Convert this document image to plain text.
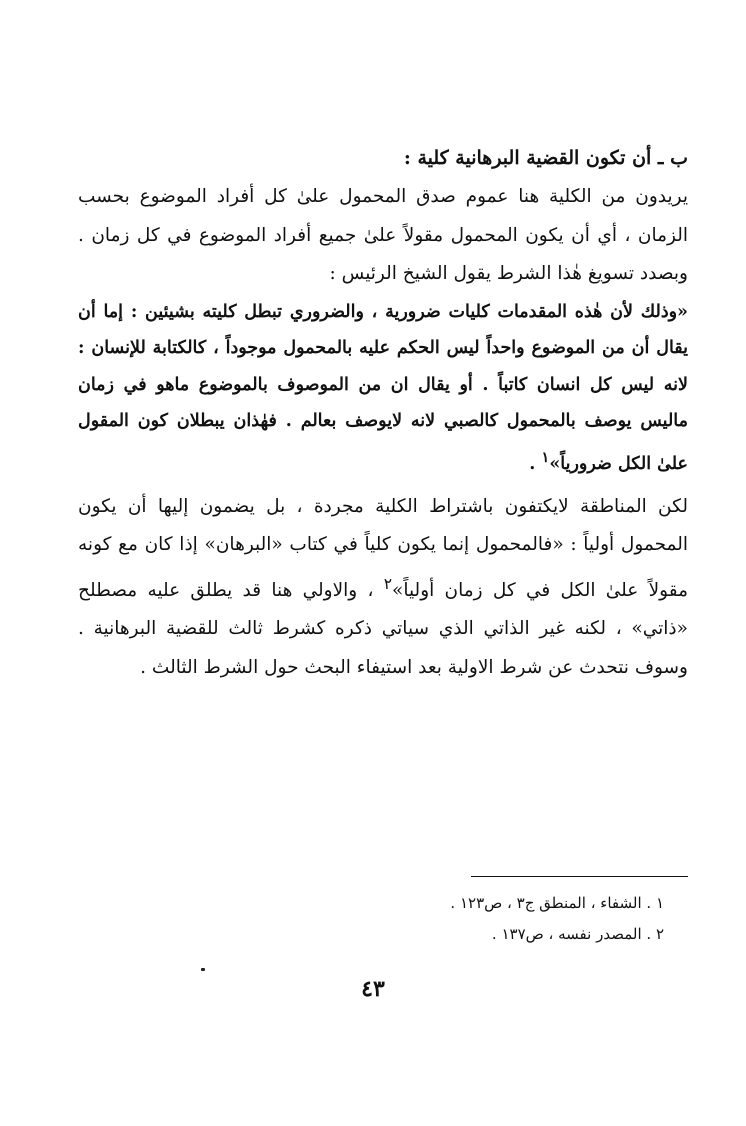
ب ـ أن تكون القضية البرهانية كلية :

يريدون من الكلية هنا عموم صدق المحمول علىٰ كل أفراد الموضوع بحسب الزمان ، أي أن يكون المحمول مقولاً علىٰ جميع أفراد الموضوع في كل زمان . وبصدد تسويغ هٰذا الشرط يقول الشيخ الرئيس :

«وذلك لأن هٰذه المقدمات كليات ضرورية ، والضروري تبطل كليته بشيئين : إما أن يقال أن من الموضوع واحداً ليس الحكم عليه بالمحمول موجوداً ، كالكتابة للإنسان : لانه ليس كل انسان كاتباً . أو يقال ان من الموصوف بالموضوع ماهو في زمان ماليس يوصف بالمحمول كالصبي لانه لايوصف بعالم . فهٰذان يبطلان كون المقول علىٰ الكل ضرورياً»$^١$ .

لكن المناطقة لايكتفون باشتراط الكلية مجردة ، بل يضمون إليها أن يكون المحمول أولياً : «فالمحمول إنما يكون كلياً في كتاب «البرهان» إذا كان مع كونه مقولاً علىٰ الكل في كل زمان أولياً»$^٢$ ، والاولي هنا قد يطلق عليه مصطلح «ذاتي» ، لكنه غير الذاتي الذي سياتي ذكره كشرط ثالث للقضية البرهانية . وسوف نتحدث عن شرط الاولية بعد استيفاء البحث حول الشرط الثالث .

١ . الشفاء ، المنطق ج٣ ، ص١٢٣ .
٢ . المصدر نفسه ، ص١٣٧ .
٤٣
